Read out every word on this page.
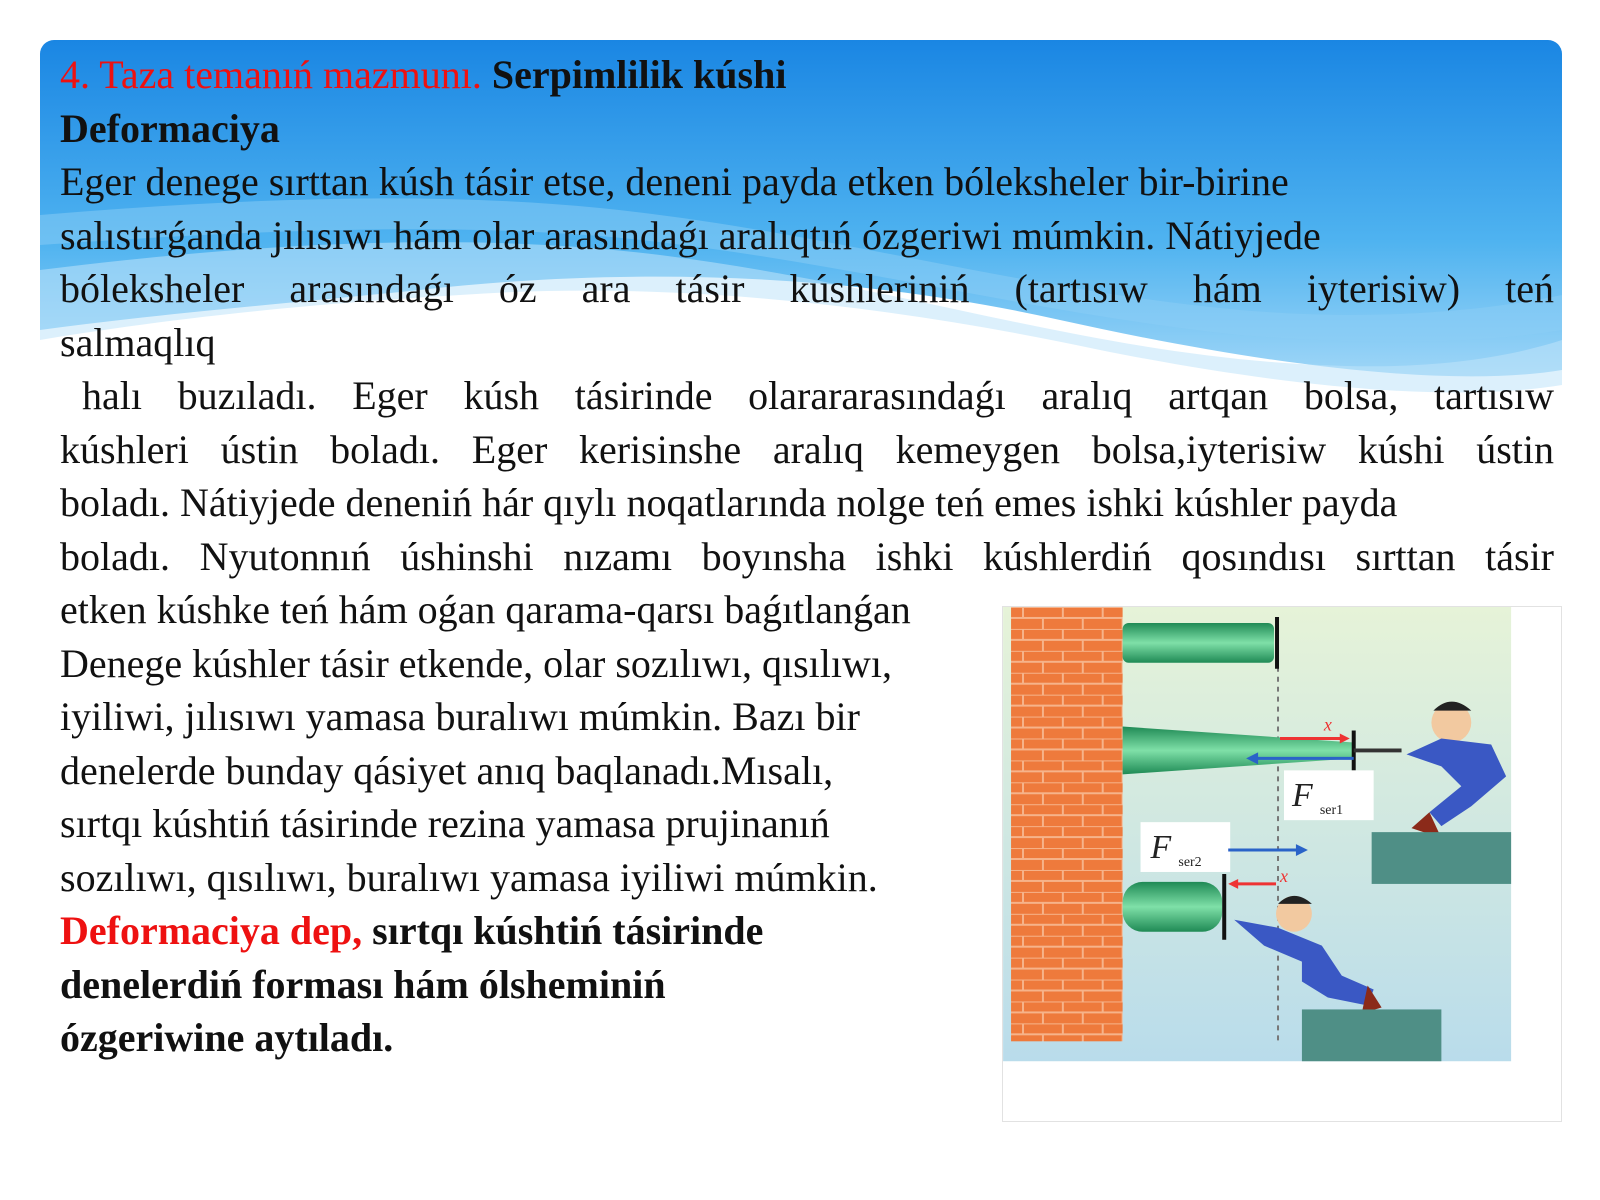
4. Taza temanıń mazmunı. Serpimlilik kúshi
Deformaciya
Eger denege sırttan kúsh tásir etse, deneni payda etken bóleksheler bir-birine
salıstırǵanda jılısıwı hám olar arasındaǵı aralıqtıń ózgeriwi múmkin. Nátiyjede
bóleksheler arasındaǵı óz ara tásir kúshleriniń (tartısıw hám iyterisiw) teń
salmaqlıq
halı buzıladı. Eger kúsh tásirinde olarararasındaǵı aralıq artqan bolsa, tartısıw
kúshleri ústin boladı. Eger kerisinshe aralıq kemeygen bolsa,iyterisiw kúshi ústin
boladı. Nátiyjede deneniń hár qıylı noqatlarında nolge teń emes ishki kúshler payda
boladı. Nyutonnıń úshinshi nızamı boyınsha ishki kúshlerdiń qosındısı sırttan tásir
etken kúshke teń hám oǵan qarama-qarsı baǵıtlanǵan
Denege kúshler tásir etkende, olar sozılıwı, qısılıwı,
iyiliwi, jılısıwı yamasa buralıwı múmkin. Bazı bir
denelerde bunday qásiyet anıq baqlanadı.Mısalı,
sırtqı kúshtiń tásirinde rezina yamasa prujinanıń
sozılıwı, qısılıwı, buralıwı yamasa iyiliwi múmkin.
Deformaciya dep, sırtqı kúshtiń tásirinde
denelerdiń forması hám ólsheminiń
ózgeriwine aytıladı.
x
F ser1
F ser2
x
